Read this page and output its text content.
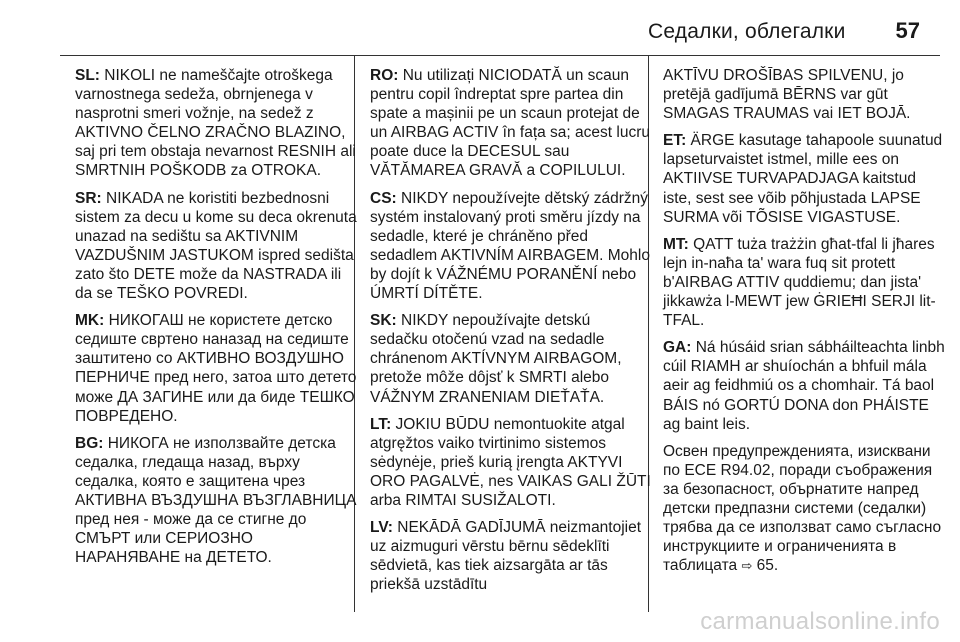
Седалки, облегалки 57

SL: NIKOLI ne nameščajte otroškega varnostnega sedeža, obrnjenega v nasprotni smeri vožnje, na sedež z AKTIVNO ČELNO ZRAČNO BLAZINO, saj pri tem obstaja nevarnost RESNIH ali SMRTNIH POŠKODB za OTROKA.

SR: NIKADA ne koristiti bezbednosni sistem za decu u kome su deca okrenuta unazad na sedištu sa AKTIVNIM VAZDUŠNIM JASTUKOM ispred sedišta zato što DETE može da NASTRADA ili da se TEŠKO POVREDI.

MK: НИКОГАШ не користете детско седиште свртено наназад на седиште заштитено со АКТИВНО ВОЗДУШНО ПЕРНИЧЕ пред него, затоа што детето може ДА ЗАГИНЕ или да биде ТЕШКО ПОВРЕДЕНО.

BG: НИКОГА не използвайте детска седалка, гледаща назад, върху седалка, която е защитена чрез АКТИВНА ВЪЗДУШНА ВЪЗГЛАВНИЦА пред нея - може да се стигне до СМЪРТ или СЕРИОЗНО НАРАНЯВАНЕ на ДЕТЕТО.

RO: Nu utilizați NICIODATĂ un scaun pentru copil îndreptat spre partea din spate a mașinii pe un scaun protejat de un AIRBAG ACTIV în fața sa; acest lucru poate duce la DECESUL sau VĂTĂMAREA GRAVĂ a COPILULUI.

CS: NIKDY nepoužívejte dětský zádržný systém instalovaný proti směru jízdy na sedadle, které je chráněno před sedadlem AKTIVNÍM AIRBAGEM. Mohlo by dojít k VÁŽNÉMU PORANĚNÍ nebo ÚMRTÍ DÍTĚTE.

SK: NIKDY nepoužívajte detskú sedačku otočenú vzad na sedadle chránenom AKTÍVNYM AIRBAGOM, pretože môže dôjsť k SMRTI alebo VÁŽNYM ZRANENIAM DIEŤAŤA.

LT: JOKIU BŪDU nemontuokite atgal atgręžtos vaiko tvirtinimo sistemos sėdynėje, prieš kurią įrengta AKTYVI ORO PAGALVĖ, nes VAIKAS GALI ŽŪTI arba RIMTAI SUSIŽALOTI.

LV: NEKĀDĀ GADĪJUMĀ neizmantojiet uz aizmuguri vērstu bērnu sēdeklīti sēdvietā, kas tiek aizsargāta ar tās priekšā uzstādītu

AKTĪVU DROŠĪBAS SPILVENU, jo pretējā gadījumā BĒRNS var gūt SMAGAS TRAUMAS vai IET BOJĀ.

ET: ÄRGE kasutage tahapoole suunatud lapseturvaistet istmel, mille ees on AKTIIVSE TURVAPADJAGA kaitstud iste, sest see võib põhjustada LAPSE SURMA või TÕSISE VIGASTUSE.

MT: QATT tuża trażżin għat-tfal li jħares lejn in-naħa ta' wara fuq sit protett b'AIRBAG ATTIV quddiemu; dan jista' jikkawża l-MEWT jew ĠRIEĦI SERJI lit-TFAL.

GA: Ná húsáid srian sábháilteachta linbh cúil RIAMH ar shuíochán a bhfuil mála aeir ag feidhmiú os a chomhair. Tá baol BÁIS nó GORTÚ DONA don PHÁISTE ag baint leis.

Освен предупрежденията, изисквани по ECE R94.02, поради съображения за безопасност, обърнатите напред детски предпазни системи (седалки) трябва да се използват само съгласно инструкциите и ограниченията в таблицата ⇨ 65.

carmanualsonline.info
